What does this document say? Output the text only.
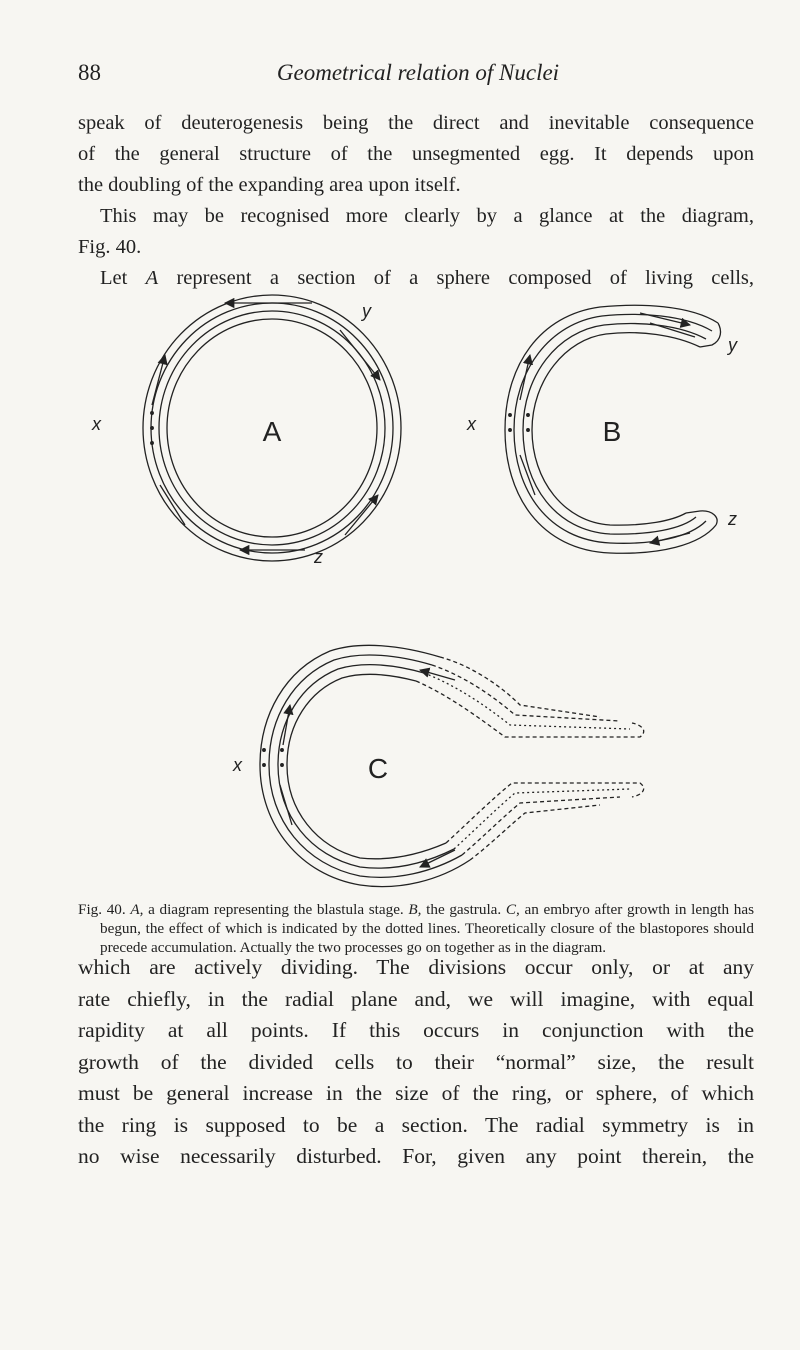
88	Geometrical relation of Nuclei

speak of deuterogenesis being the direct and inevitable consequence

of the general structure of the unsegmented egg. It depends upon

the doubling of the expanding area upon itself.

This may be recognised more clearly by a glance at the diagram,

Fig. 40.

Let A represent a section of a sphere composed of living cells,

A
x
y
z
B
x
y
z
C
x
Fig. 40. A, a diagram representing the blastula stage. B, the gastrula. C, an embryo after growth in length has begun, the effect of which is indicated by the dotted lines. Theoretically closure of the blastopores should precede accumulation. Actually the two processes go on together as in the diagram.

which are actively dividing. The divisions occur only, or at any

rate chiefly, in the radial plane and, we will imagine, with equal

rapidity at all points. If this occurs in conjunction with the

growth of the divided cells to their “normal” size, the result

must be general increase in the size of the ring, or sphere, of which

the ring is supposed to be a section. The radial symmetry is in

no wise necessarily disturbed. For, given any point therein, the
